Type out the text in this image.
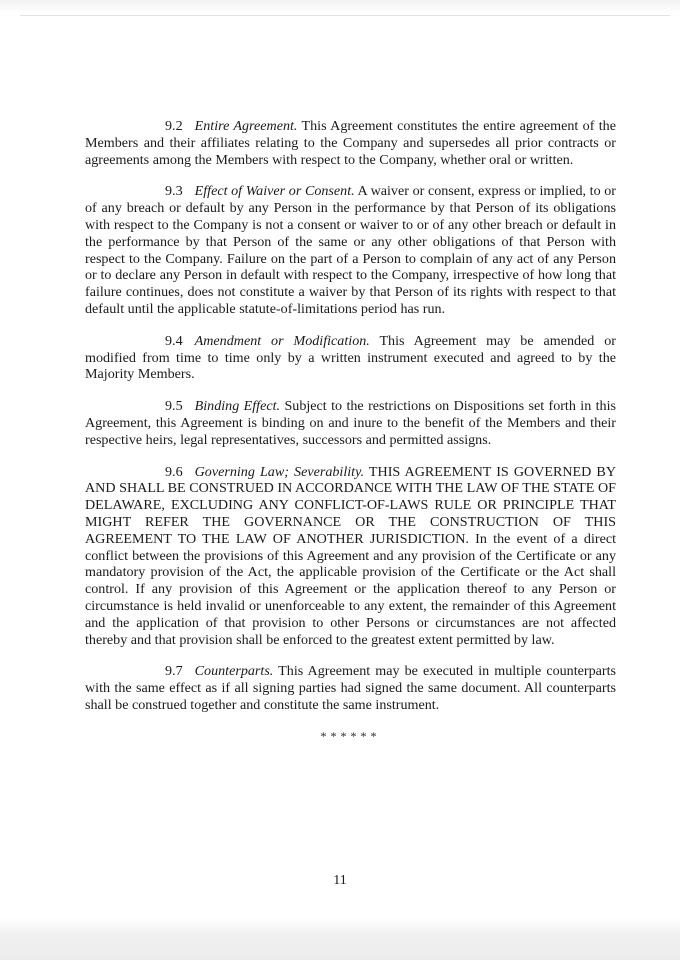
9.2 Entire Agreement. This Agreement constitutes the entire agreement of the Members and their affiliates relating to the Company and supersedes all prior contracts or agreements among the Members with respect to the Company, whether oral or written.

9.3 Effect of Waiver or Consent. A waiver or consent, express or implied, to or of any breach or default by any Person in the performance by that Person of its obligations with respect to the Company is not a consent or waiver to or of any other breach or default in the performance by that Person of the same or any other obligations of that Person with respect to the Company. Failure on the part of a Person to complain of any act of any Person or to declare any Person in default with respect to the Company, irrespective of how long that failure continues, does not constitute a waiver by that Person of its rights with respect to that default until the applicable statute-of-limitations period has run.

9.4 Amendment or Modification. This Agreement may be amended or modified from time to time only by a written instrument executed and agreed to by the Majority Members.

9.5 Binding Effect. Subject to the restrictions on Dispositions set forth in this Agreement, this Agreement is binding on and inure to the benefit of the Members and their respective heirs, legal representatives, successors and permitted assigns.

9.6 Governing Law; Severability. THIS AGREEMENT IS GOVERNED BY AND SHALL BE CONSTRUED IN ACCORDANCE WITH THE LAW OF THE STATE OF DELAWARE, EXCLUDING ANY CONFLICT-OF-LAWS RULE OR PRINCIPLE THAT MIGHT REFER THE GOVERNANCE OR THE CONSTRUCTION OF THIS AGREEMENT TO THE LAW OF ANOTHER JURISDICTION. In the event of a direct conflict between the provisions of this Agreement and any provision of the Certificate or any mandatory provision of the Act, the applicable provision of the Certificate or the Act shall control. If any provision of this Agreement or the application thereof to any Person or circumstance is held invalid or unenforceable to any extent, the remainder of this Agreement and the application of that provision to other Persons or circumstances are not affected thereby and that provision shall be enforced to the greatest extent permitted by law.

9.7 Counterparts. This Agreement may be executed in multiple counterparts with the same effect as if all signing parties had signed the same document. All counterparts shall be construed together and constitute the same instrument.

******
11
